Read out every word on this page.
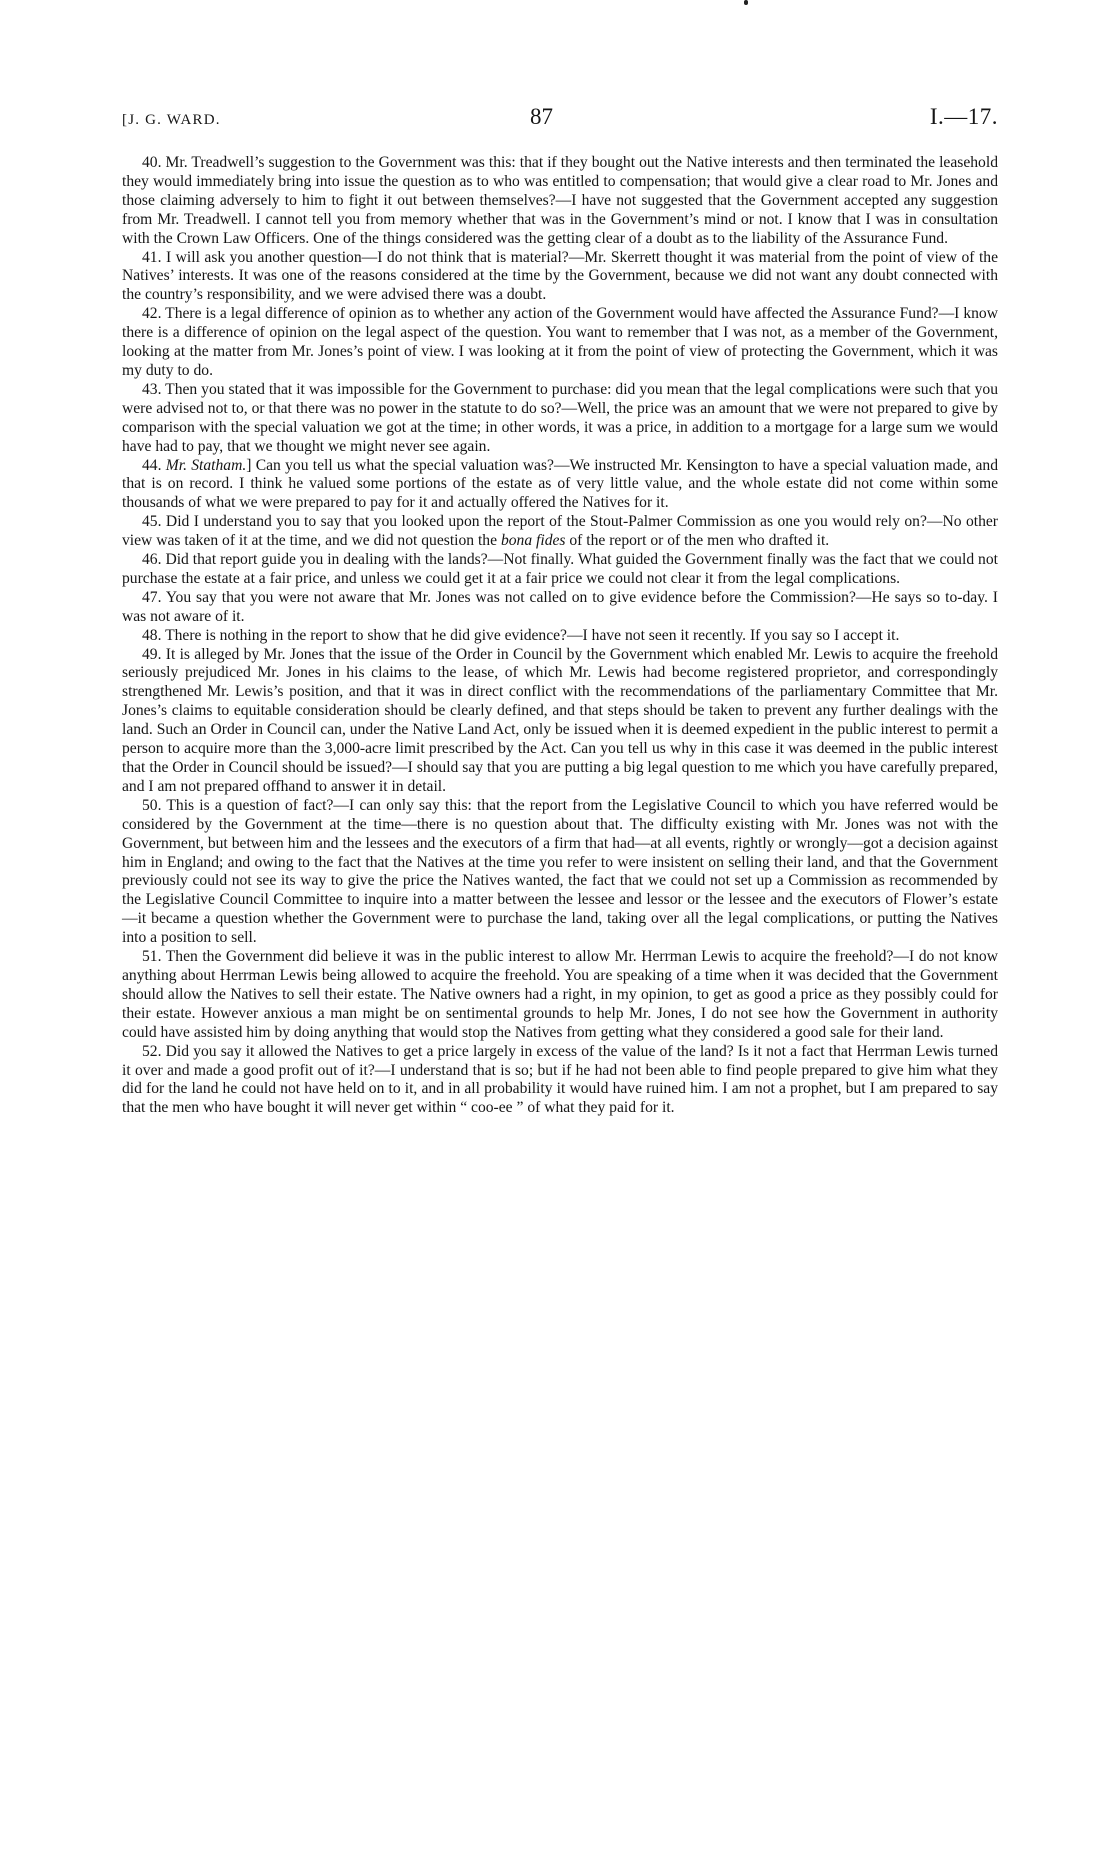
[J. G. WARD.	87	I.—17.

40. Mr. Treadwell’s suggestion to the Government was this: that if they bought out the Native interests and then terminated the leasehold they would immediately bring into issue the question as to who was entitled to compensation; that would give a clear road to Mr. Jones and those claiming adversely to him to fight it out between themselves?—I have not suggested that the Government accepted any suggestion from Mr. Treadwell. I cannot tell you from memory whether that was in the Government’s mind or not. I know that I was in consultation with the Crown Law Officers. One of the things considered was the getting clear of a doubt as to the liability of the Assurance Fund.

41. I will ask you another question—I do not think that is material?—Mr. Skerrett thought it was material from the point of view of the Natives’ interests. It was one of the reasons considered at the time by the Government, because we did not want any doubt connected with the country’s responsibility, and we were advised there was a doubt.

42. There is a legal difference of opinion as to whether any action of the Government would have affected the Assurance Fund?—I know there is a difference of opinion on the legal aspect of the question. You want to remember that I was not, as a member of the Government, looking at the matter from Mr. Jones’s point of view. I was looking at it from the point of view of protecting the Government, which it was my duty to do.

43. Then you stated that it was impossible for the Government to purchase: did you mean that the legal complications were such that you were advised not to, or that there was no power in the statute to do so?—Well, the price was an amount that we were not prepared to give by comparison with the special valuation we got at the time; in other words, it was a price, in addition to a mortgage for a large sum we would have had to pay, that we thought we might never see again.

44. Mr. Statham.] Can you tell us what the special valuation was?—We instructed Mr. Kensington to have a special valuation made, and that is on record. I think he valued some portions of the estate as of very little value, and the whole estate did not come within some thousands of what we were prepared to pay for it and actually offered the Natives for it.

45. Did I understand you to say that you looked upon the report of the Stout-Palmer Commission as one you would rely on?—No other view was taken of it at the time, and we did not question the bona fides of the report or of the men who drafted it.

46. Did that report guide you in dealing with the lands?—Not finally. What guided the Government finally was the fact that we could not purchase the estate at a fair price, and unless we could get it at a fair price we could not clear it from the legal complications.

47. You say that you were not aware that Mr. Jones was not called on to give evidence before the Commission?—He says so to-day. I was not aware of it.

48. There is nothing in the report to show that he did give evidence?—I have not seen it recently. If you say so I accept it.

49. It is alleged by Mr. Jones that the issue of the Order in Council by the Government which enabled Mr. Lewis to acquire the freehold seriously prejudiced Mr. Jones in his claims to the lease, of which Mr. Lewis had become registered proprietor, and correspondingly strengthened Mr. Lewis’s position, and that it was in direct conflict with the recommendations of the parliamentary Committee that Mr. Jones’s claims to equitable consideration should be clearly defined, and that steps should be taken to prevent any further dealings with the land. Such an Order in Council can, under the Native Land Act, only be issued when it is deemed expedient in the public interest to permit a person to acquire more than the 3,000-acre limit prescribed by the Act. Can you tell us why in this case it was deemed in the public interest that the Order in Council should be issued?—I should say that you are putting a big legal question to me which you have carefully prepared, and I am not prepared offhand to answer it in detail.

50. This is a question of fact?—I can only say this: that the report from the Legislative Council to which you have referred would be considered by the Government at the time—there is no question about that. The difficulty existing with Mr. Jones was not with the Government, but between him and the lessees and the executors of a firm that had—at all events, rightly or wrongly—got a decision against him in England; and owing to the fact that the Natives at the time you refer to were insistent on selling their land, and that the Government previously could not see its way to give the price the Natives wanted, the fact that we could not set up a Commission as recommended by the Legislative Council Committee to inquire into a matter between the lessee and lessor or the lessee and the executors of Flower’s estate—it became a question whether the Government were to purchase the land, taking over all the legal complications, or putting the Natives into a position to sell.

51. Then the Government did believe it was in the public interest to allow Mr. Herrman Lewis to acquire the freehold?—I do not know anything about Herrman Lewis being allowed to acquire the freehold. You are speaking of a time when it was decided that the Government should allow the Natives to sell their estate. The Native owners had a right, in my opinion, to get as good a price as they possibly could for their estate. However anxious a man might be on sentimental grounds to help Mr. Jones, I do not see how the Government in authority could have assisted him by doing anything that would stop the Natives from getting what they considered a good sale for their land.

52. Did you say it allowed the Natives to get a price largely in excess of the value of the land? Is it not a fact that Herrman Lewis turned it over and made a good profit out of it?—I understand that is so; but if he had not been able to find people prepared to give him what they did for the land he could not have held on to it, and in all probability it would have ruined him. I am not a prophet, but I am prepared to say that the men who have bought it will never get within “ coo-ee ” of what they paid for it.
